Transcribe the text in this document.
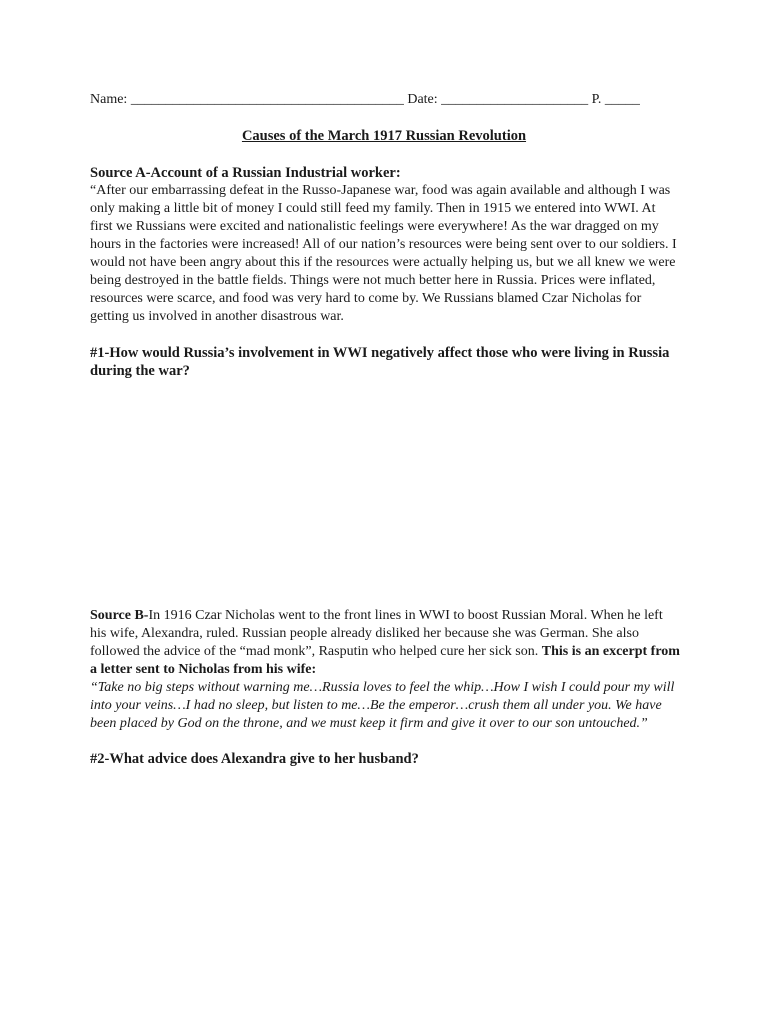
Name: _______________________________________ Date: _____________________ P. _____
Causes of the March 1917 Russian Revolution
Source A-Account of a Russian Industrial worker:
“After our embarrassing defeat in the Russo-Japanese war, food was again available and although I was only making a little bit of money I could still feed my family. Then in 1915 we entered into WWI. At first we Russians were excited and nationalistic feelings were everywhere! As the war dragged on my hours in the factories were increased! All of our nation’s resources were being sent over to our soldiers. I would not have been angry about this if the resources were actually helping us, but we all knew we were being destroyed in the battle fields. Things were not much better here in Russia. Prices were inflated, resources were scarce, and food was very hard to come by. We Russians blamed Czar Nicholas for getting us involved in another disastrous war.
#1-How would Russia’s involvement in WWI negatively affect those who were living in Russia during the war?
Source B-In 1916 Czar Nicholas went to the front lines in WWI to boost Russian Moral. When he left his wife, Alexandra, ruled. Russian people already disliked her because she was German. She also followed the advice of the “mad monk”, Rasputin who helped cure her sick son. This is an excerpt from a letter sent to Nicholas from his wife:
“Take no big steps without warning me…Russia loves to feel the whip…How I wish I could pour my will into your veins…I had no sleep, but listen to me…Be the emperor…crush them all under you. We have been placed by God on the throne, and we must keep it firm and give it over to our son untouched.”
#2-What advice does Alexandra give to her husband?
